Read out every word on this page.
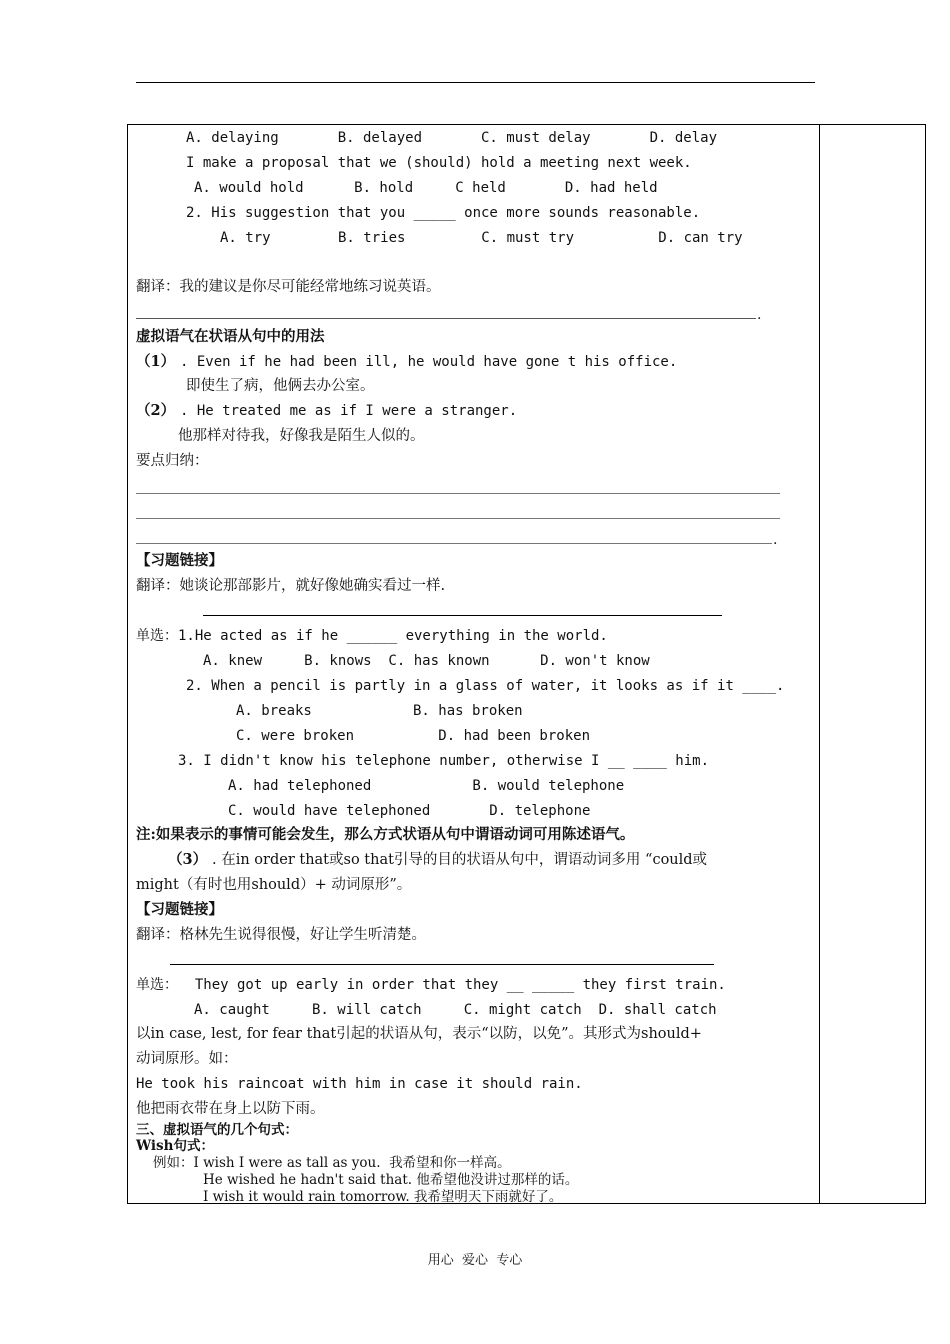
A. delaying       B. delayed       C. must delay       D. delay
I make a proposal that we (should) hold a meeting next week.
A. would hold      B. hold     C held       D. had held
2. His suggestion that you _____ once more sounds reasonable.
A. try        B. tries         C. must try          D. can try
翻译：我的建议是你尽可能经常地练习说英语。
.
虚拟语气在状语从句中的用法
（1） . Even if he had been ill, he would have gone t his office.
即使生了病，他俩去办公室。
（2） . He treated me as if I were a stranger.
他那样对待我，好像我是陌生人似的。
要点归纳：
.
【习题链接】
翻译：她谈论那部影片，就好像她确实看过一样.
单选：1.He acted as if he ______ everything in the world.
A. knew     B. knows  C. has known      D. won't know
2. When a pencil is partly in a glass of water, it looks as if it ____.
A. breaks            B. has broken
C. were broken          D. had been broken
3. I didn't know his telephone number, otherwise I __ ____ him.
A. had telephoned            B. would telephone
C. would have telephoned       D. telephone
注:如果表示的事情可能会发生，那么方式状语从句中谓语动词可用陈述语气。
（3） . 在in order that或so that引导的目的状语从句中，谓语动词多用 “could或
might（有时也用should）+ 动词原形”。
【习题链接】
翻译：格林先生说得很慢，好让学生听清楚。
单选：  They got up early in order that they __ _____ they first train.
A. caught     B. will catch     C. might catch  D. shall catch
以in case, lest, for fear that引起的状语从句，表示“以防，以免”。其形式为should+
动词原形。如：
He took his raincoat with him in case it should rain.
他把雨衣带在身上以防下雨。
三、虚拟语气的几个句式：
Wish句式：
例如：I wish I were as tall as you.  我希望和你一样高。
He wished he hadn't said that. 他希望他没讲过那样的话。
I wish it would rain tomorrow. 我希望明天下雨就好了。
用心  爱心  专心
